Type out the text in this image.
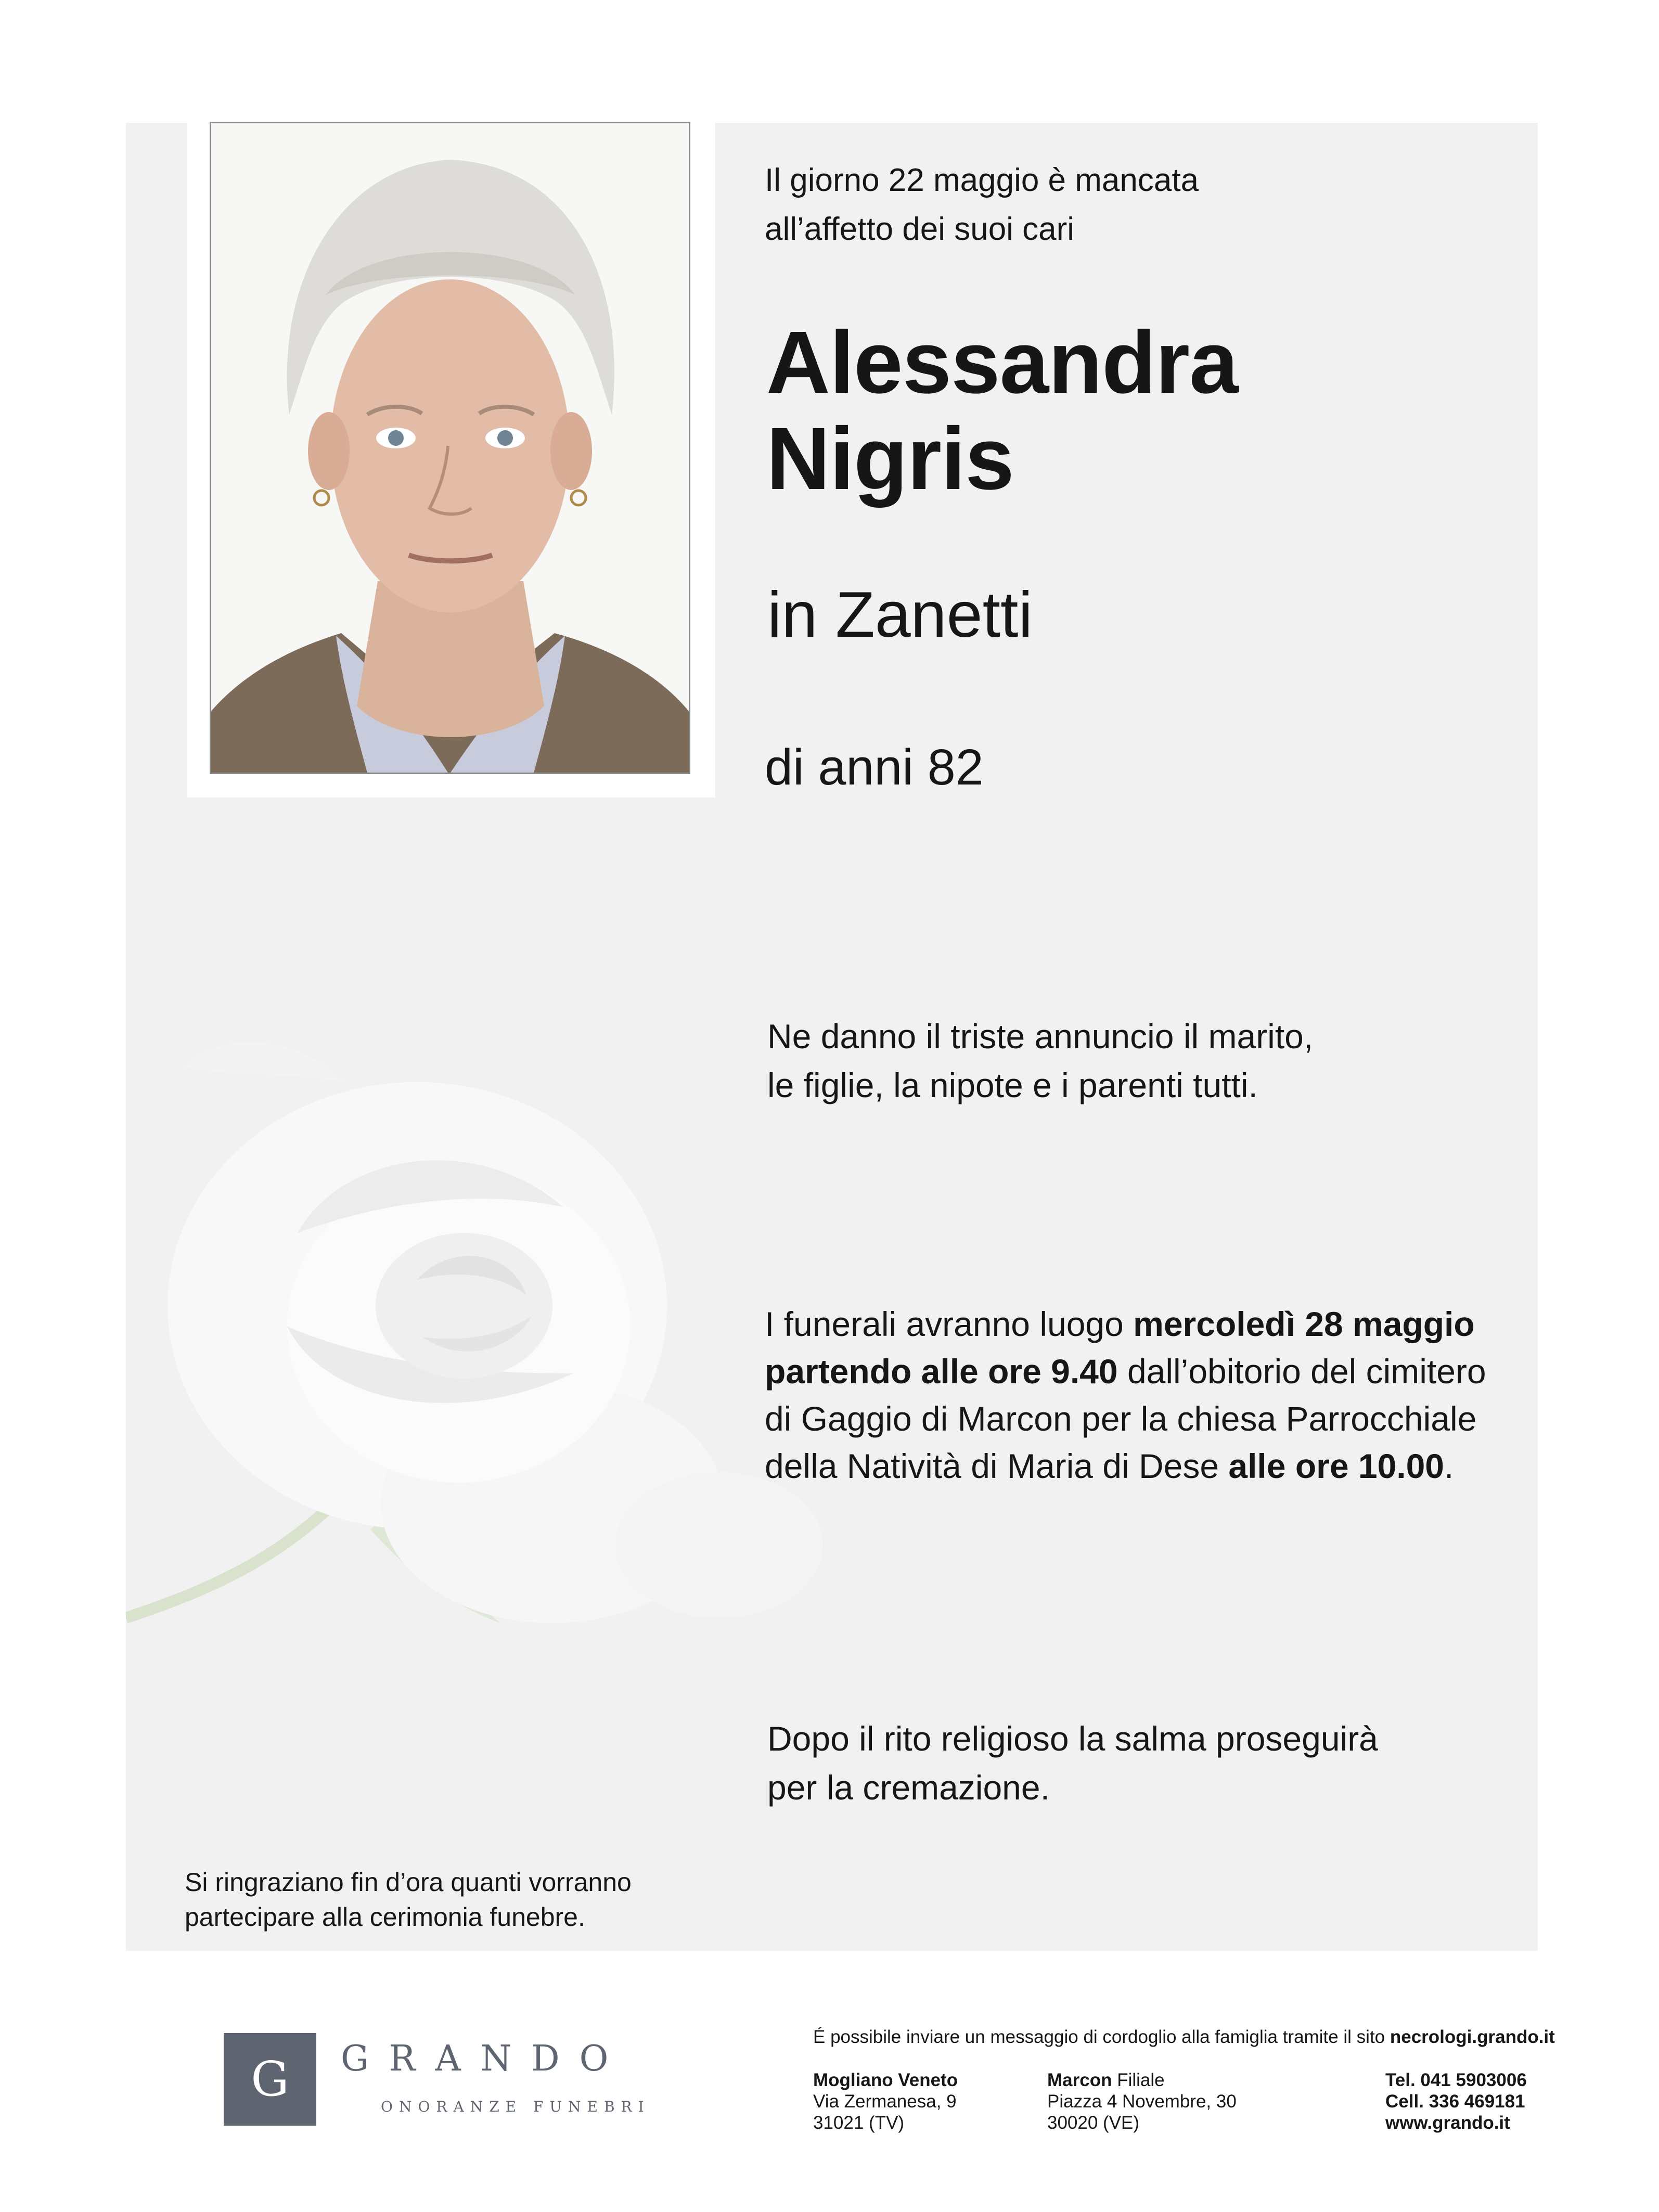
Il giorno 22 maggio è mancata
all’affetto dei suoi cari

Alessandra
Nigris

in Zanetti

di anni 82

Ne danno il triste annuncio il marito,
le figlie, la nipote e i parenti tutti.

I funerali avranno luogo mercoledì 28 maggio
partendo alle ore 9.40 dall’obitorio del cimitero
di Gaggio di Marcon per la chiesa Parrocchiale
della Natività di Maria di Dese alle ore 10.00.

Dopo il rito religioso la salma proseguirà
per la cremazione.

Si ringraziano fin d’ora quanti vorranno
partecipare alla cerimonia funebre.

G	GRANDO
ONORANZE FUNEBRI

É possibile inviare un messaggio di cordoglio alla famiglia tramite il sito necrologi.grando.it

Mogliano Veneto
Via Zermanesa, 9
31021 (TV)

Marcon Filiale
Piazza 4 Novembre, 30
30020 (VE)

Tel. 041 5903006
Cell. 336 469181
www.grando.it
